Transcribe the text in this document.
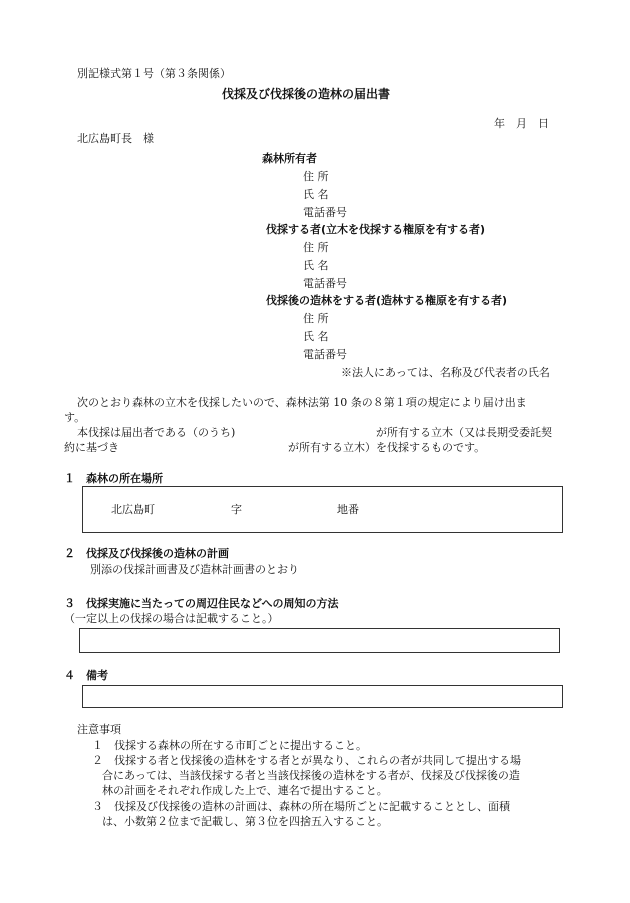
別記様式第１号（第３条関係）
伐採及び伐採後の造林の届出書
年　月　日
北広島町長　様
森林所有者
住 所
氏 名
電話番号
伐採する者(立木を伐採する権原を有する者)
住 所
氏 名
電話番号
伐採後の造林をする者(造林する権原を有する者)
住 所
氏 名
電話番号
※法人にあっては、名称及び代表者の氏名
次のとおり森林の立木を伐採したいので、森林法第 10 条の８第１項の規定により届け出ま
す。
本伐採は届出者である（のうち)	が所有する立木（又は長期受委託契
約に基づき	が所有する立木）を伐採するものです。
１　森林の所在場所
北広島町	字	地番
２　伐採及び伐採後の造林の計画
別添の伐採計画書及び造林計画書のとおり
３　伐採実施に当たっての周辺住民などへの周知の方法
（一定以上の伐採の場合は記載すること。）
４　備考
注意事項
１　伐採する森林の所在する市町ごとに提出すること。
２　伐採する者と伐採後の造林をする者とが異なり、これらの者が共同して提出する場
合にあっては、当該伐採する者と当該伐採後の造林をする者が、伐採及び伐採後の造
林の計画をそれぞれ作成した上で、連名で提出すること。
３　伐採及び伐採後の造林の計画は、森林の所在場所ごとに記載することとし、面積
は、小数第２位まで記載し、第３位を四捨五入すること。
